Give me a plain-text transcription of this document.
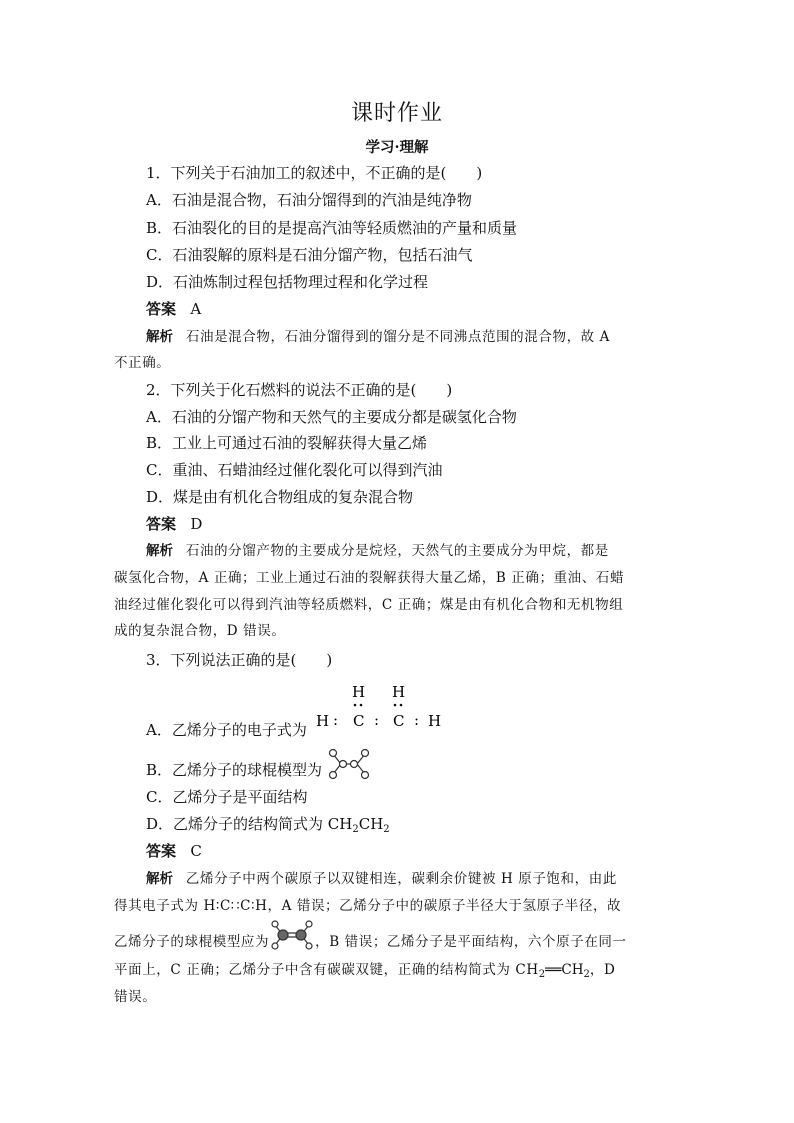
课时作业
学习·理解
1．下列关于石油加工的叙述中，不正确的是(　　)
A．石油是混合物，石油分馏得到的汽油是纯净物
B．石油裂化的目的是提高汽油等轻质燃油的产量和质量
C．石油裂解的原料是石油分馏产物，包括石油气
D．石油炼制过程包括物理过程和化学过程
答案 A
解析 石油是混合物，石油分馏得到的馏分是不同沸点范围的混合物，故 A
不正确。
2．下列关于化石燃料的说法不正确的是(　　)
A．石油的分馏产物和天然气的主要成分都是碳氢化合物
B．工业上可通过石油的裂解获得大量乙烯
C．重油、石蜡油经过催化裂化可以得到汽油
D．煤是由有机化合物组成的复杂混合物
答案 D
解析 石油的分馏产物的主要成分是烷烃，天然气的主要成分为甲烷，都是
碳氢化合物，A 正确；工业上通过石油的裂解获得大量乙烯，B 正确；重油、石蜡
油经过催化裂化可以得到汽油等轻质燃料，C 正确；煤是由有机化合物和无机物组
成的复杂混合物，D 错误。
3．下列说法正确的是(　　)
A．乙烯分子的电子式为
H H
H : C : C : H
B．乙烯分子的球棍模型为
C．乙烯分子是平面结构
D．乙烯分子的结构简式为 $CH_2CH_2$
答案 C
解析 乙烯分子中两个碳原子以双键相连，碳剩余价键被 H 原子饱和，由此
得其电子式为 H∶C∷C∶H，A 错误；乙烯分子中的碳原子半径大于氢原子半径，故
乙烯分子的球棍模型应为	，B 错误；乙烯分子是平面结构，六个原子在同一
平面上，C 正确；乙烯分子中含有碳碳双键，正确的结构简式为 $CH_2══CH_2$，D
错误。
